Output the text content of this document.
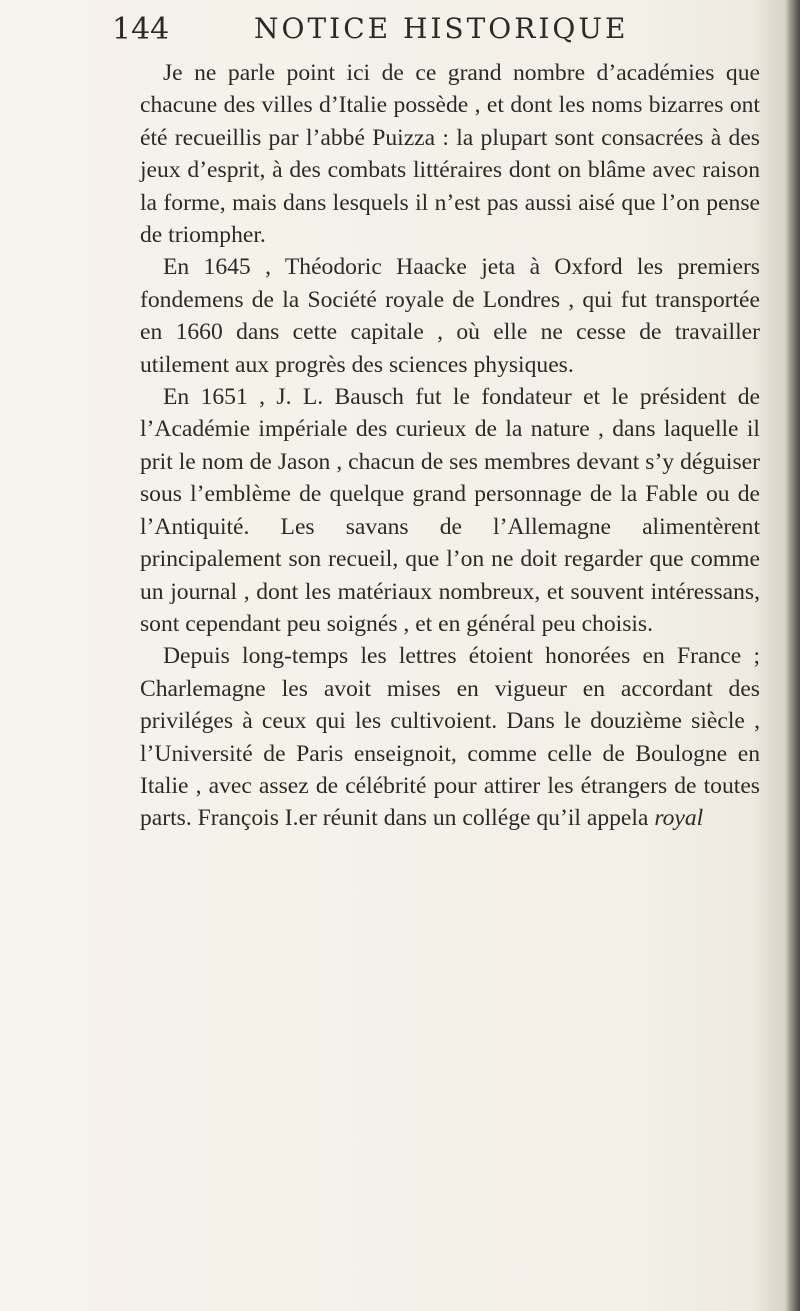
144	NOTICE HISTORIQUE

Je ne parle point ici de ce grand nombre d’académies que chacune des villes d’Italie possède , et dont les noms bizarres ont été recueillis par l’abbé Puizza : la plupart sont consacrées à des jeux d’esprit, à des combats littéraires dont on blâme avec raison la forme, mais dans lesquels il n’est pas aussi aisé que l’on pense de triompher.

En 1645 , Théodoric Haacke jeta à Oxford les premiers fondemens de la Société royale de Londres , qui fut transportée en 1660 dans cette capitale , où elle ne cesse de travailler utilement aux progrès des sciences physiques.

En 1651 , J. L. Bausch fut le fondateur et le président de l’Académie impériale des curieux de la nature , dans laquelle il prit le nom de Jason , chacun de ses membres devant s’y déguiser sous l’emblème de quelque grand personnage de la Fable ou de l’Antiquité. Les savans de l’Allemagne alimentèrent principalement son recueil, que l’on ne doit regarder que comme un journal , dont les matériaux nombreux, et souvent intéressans, sont cependant peu soignés , et en général peu choisis.

Depuis long-temps les lettres étoient honorées en France ; Charlemagne les avoit mises en vigueur en accordant des priviléges à ceux qui les cultivoient. Dans le douzième siècle , l’Université de Paris enseignoit, comme celle de Boulogne en Italie , avec assez de célébrité pour attirer les étrangers de toutes parts. François I.er réunit dans un collége qu’il appela royal
